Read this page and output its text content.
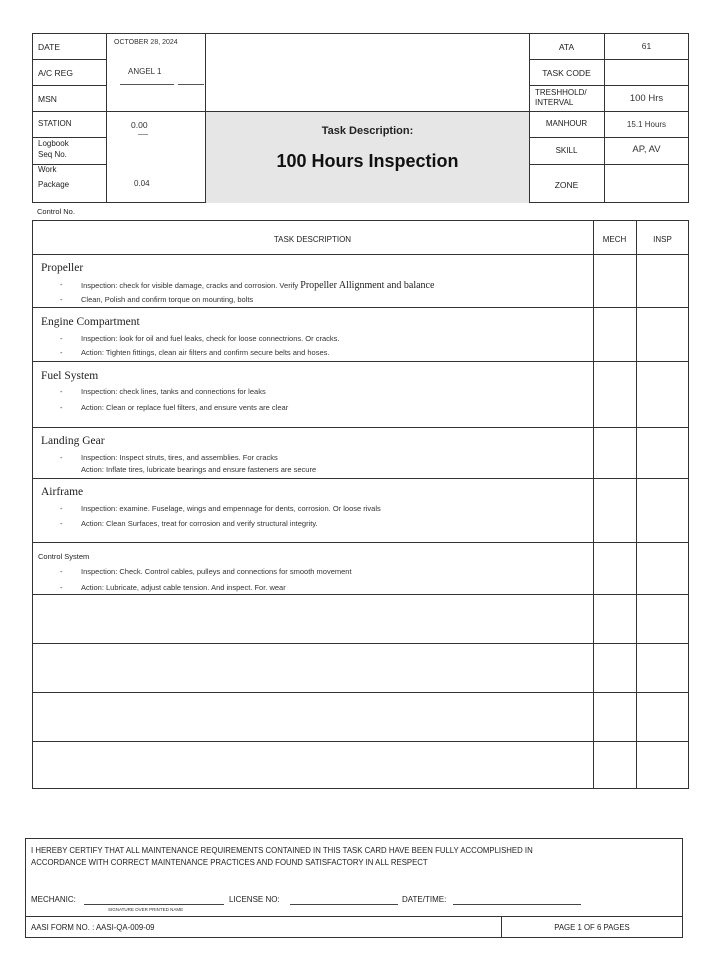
DATE	OCTOBER 28, 2024
A/C REG	ANGEL 1
MSN
STATION	0.00
Logbook
Seq No.
Work
Package	0.04
Task Description:
100 Hours Inspection
ATA	61
TASK CODE
TRESHHOLD/
INTERVAL	100 Hrs
MANHOUR	15.1 Hours
SKILL	AP, AV
ZONE
Control No.
TASK DESCRIPTION	MECH	INSP
Propeller
- Inspection: check for visible damage, cracks and corrosion. Verify Propeller Allignment and balance
- Clean, Polish and confirm torque on mounting, bolts
Engine Compartment
- Inspection: look for oil and fuel leaks, check for loose connectrions. Or cracks.
- Action: Tighten fittings, clean air filters and confirm secure belts and hoses.
Fuel System
- Inspection: check lines, tanks and connections for leaks
- Action: Clean or replace fuel filters, and ensure vents are clear
Landing Gear
- Inspection: Inspect struts, tires, and assemblies. For cracks
Action: Inflate tires, lubricate bearings and ensure fasteners are secure
Airframe
- Inspection: examine. Fuselage, wings and empennage for dents, corrosion. Or loose rivals
- Action: Clean Surfaces, treat for corrosion and verify structural integrity.
Control System
- Inspection: Check. Control cables, pulleys and connections for smooth movement
- Action: Lubricate, adjust cable tension. And inspect. For. wear
I HEREBY CERTIFY THAT ALL MAINTENANCE REQUIREMENTS CONTAINED IN THIS TASK CARD HAVE BEEN FULLY ACCOMPLISHED IN
ACCORDANCE WITH CORRECT MAINTENANCE PRACTICES AND FOUND SATISFACTORY IN ALL RESPECT
MECHANIC:
SIGNATURE OVER PRINTED NAME
LICENSE NO:	DATE/TIME:
AASI FORM NO. : AASI-QA-009-09	PAGE 1 OF 6 PAGES
